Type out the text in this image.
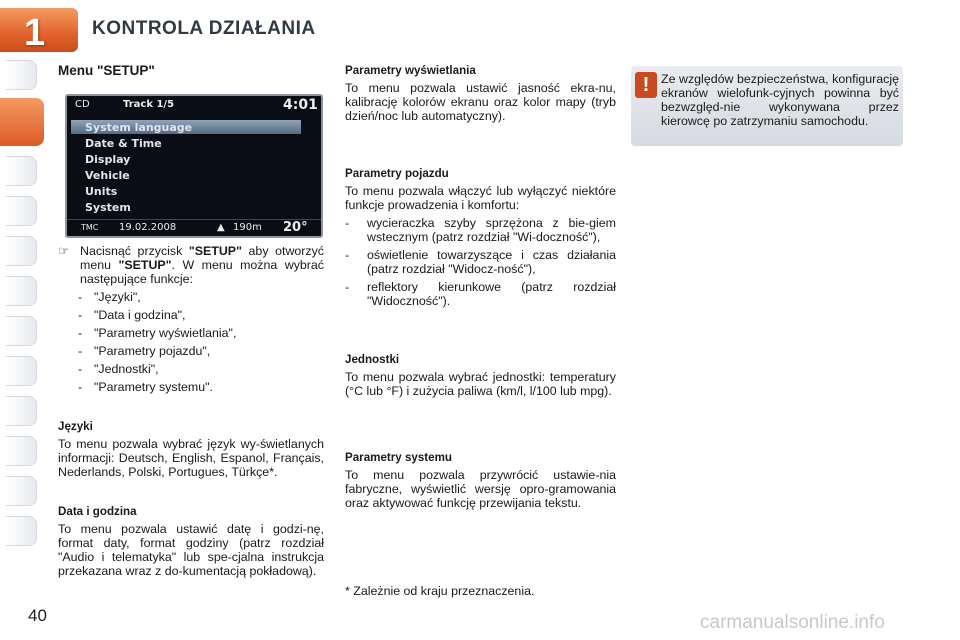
1 KONTROLA DZIAŁANIA

Menu "SETUP"

CD	Track 1/5	4:01
System language
Date & Time
Display
Vehicle
Units
System
TMC 19.02.2008	▲ 190m 20°

☞ Nacisnąć przycisk "SETUP" aby otworzyć menu "SETUP". W menu można wybrać następujące funkcje:

- "Języki",
- "Data i godzina",
- "Parametry wyświetlania",
- "Parametry pojazdu",
- "Jednostki",
- "Parametry systemu".

Języki

To menu pozwala wybrać język wy-świetlanych informacji: Deutsch, English, Espanol, Français, Nederlands, Polski, Portugues, Türkçe*.

Data i godzina

To menu pozwala ustawić datę i godzi-nę, format daty, format godziny (patrz rozdział "Audio i telematyka" lub spe-cjalna instrukcja przekazana wraz z do-kumentacją pokładową).

Parametry wyświetlania

To menu pozwala ustawić jasność ekra-nu, kalibrację kolorów ekranu oraz kolor mapy (tryb dzień/noc lub automatyczny).

Parametry pojazdu

To menu pozwala włączyć lub wyłączyć niektóre funkcje prowadzenia i komfortu:

- wycieraczka szyby sprzężona z bie-giem wstecznym (patrz rozdział "Wi-doczność"),
- oświetlenie towarzyszące i czas działania (patrz rozdział "Widocz-ność"),
- reflektory kierunkowe (patrz rozdział "Widoczność").

Jednostki

To menu pozwala wybrać jednostki: temperatury (°C lub °F) i zużycia paliwa (km/l, l/100 lub mpg).

Parametry systemu

To menu pozwala przywrócić ustawie-nia fabryczne, wyświetlić wersję opro-gramowania oraz aktywować funkcję przewijania tekstu.

* Zależnie od kraju przeznaczenia.

! Ze względów bezpieczeństwa, konfigurację ekranów wielofunk-cyjnych powinna być bezwzględ-nie wykonywana przez kierowcę po zatrzymaniu samochodu.
40	carmanualsonline.info
